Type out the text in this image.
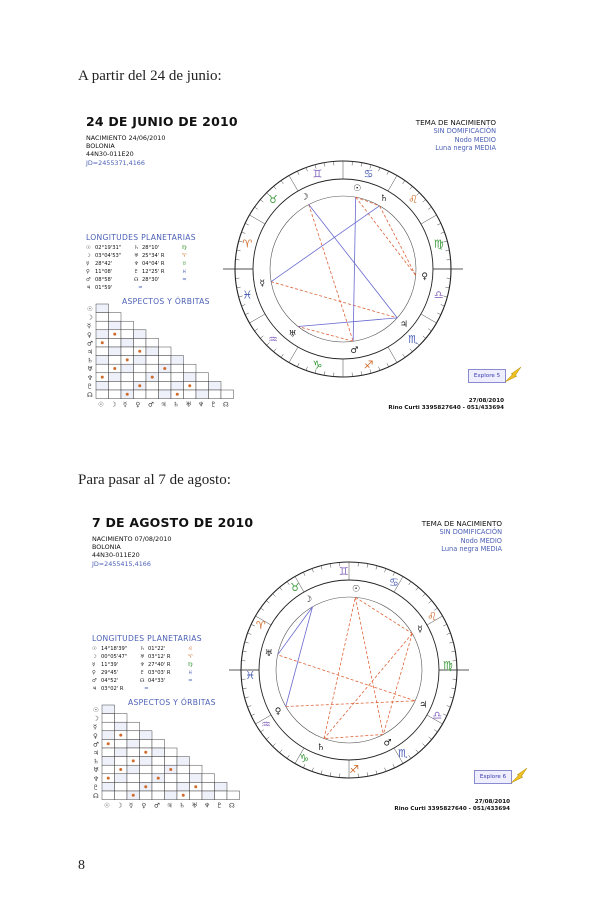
A partir del 24 de junio:
24 DE JUNIO DE 2010
NACIMIENTO 24/06/2010
BOLONIA
44N30-011E20
JD=2455371,4166
TEMA DE NACIMIENTO
SIN DOMIFICACIÓN
Nodo MEDIO
Luna negra MEDIA
LONGITUDES PLANETARIAS
☉ 02°19'31"
☽ 03°04'53"
☿ 28°42'
♀ 11°08'
♂ 08°58'
♃ 01°59'
♄ 28°10'
♅ 25°34' R
♆ 04°04' R
♇ 12°25' R
☊ 28°30'
♍
♈
♉
♓
♒
♒
ASPECTOS Y ÓRBITAS
☉
☽
☿
♀
♂
♃
♄
♅
♆
♇
☊
☉ ☽ ☿ ♀ ♂ ♃ ♄ ♅ ♆ ♇ ☊
♈
♉
♊	♋
♌
♍
♎
♏
♐
♑
♒
♓
☉
☽
☿
♀
♂
♃
♄
♅
Explore 5
27/08/2010
Rino Curti 3395827640 - 051/433694
Para pasar al 7 de agosto:
7 DE AGOSTO DE 2010
NACIMIENTO 07/08/2010
BOLONIA
44N30-011E20
JD=2455415,4166
TEMA DE NACIMIENTO
SIN DOMIFICACIÓN
Nodo MEDIO
Luna negra MEDIA
LONGITUDES PLANETARIAS
☉ 14°18'39"
☽ 00°05'47"
☿ 11°39'
♀ 29°45'
♂ 04°52'
♃ 03°02' R
♄ 01°22'
♅ 03°12' R
♆ 27°40' R
♇ 03°03' R
☊ 04°33'
♌
♈
♍
♓
♒
♒
ASPECTOS Y ÓRBITAS
☉
☽
☿
♀
♂
♃
♄
♅
♆
♇
☊
☉ ☽ ☿ ♀ ♂ ♃ ♄ ♅ ♆ ♇ ☊
♈
♉
♊
♋
♌
♍
♎
♏
♐
♑
♒
♓
☉
☽
☿
♀
♂
♃
♄
♅
Explore 6
27/08/2010
Rino Curti 3395827640 - 051/433694
8
